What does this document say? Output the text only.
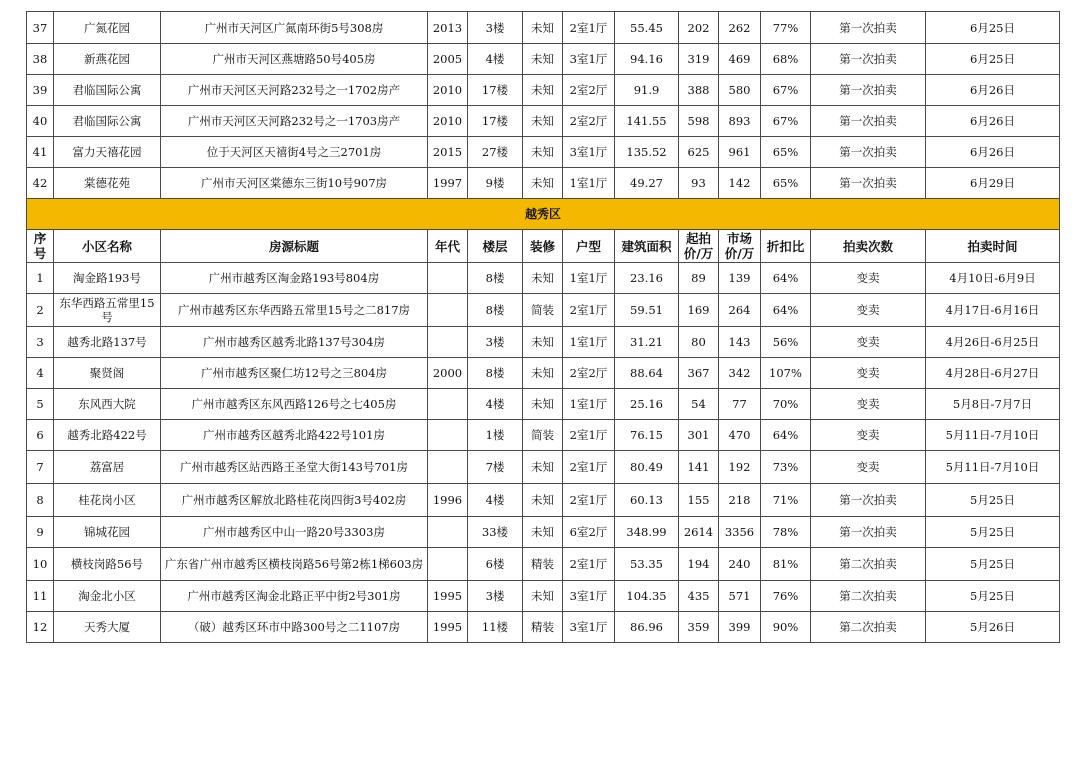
37	广氮花园	广州市天河区广氮南环街5号308房	2013	3楼	未知	2室1厅	55.45	202	262	77%	第一次拍卖	6月25日
38	新燕花园	广州市天河区燕塘路50号405房	2005	4楼	未知	3室1厅	94.16	319	469	68%	第一次拍卖	6月25日
39	君临国际公寓	广州市天河区天河路232号之一1702房产	2010	17楼	未知	2室2厅	91.9	388	580	67%	第一次拍卖	6月26日
40	君临国际公寓	广州市天河区天河路232号之一1703房产	2010	17楼	未知	2室2厅	141.55	598	893	67%	第一次拍卖	6月26日
41	富力天禧花园	位于天河区天禧街4号之三2701房	2015	27楼	未知	3室1厅	135.52	625	961	65%	第一次拍卖	6月26日
42	棠德花苑	广州市天河区棠德东三街10号907房	1997	9楼	未知	1室1厅	49.27	93	142	65%	第一次拍卖	6月29日
越秀区												
序号	小区名称	房源标题	年代	楼层	装修	户型	建筑面积	起拍价/万	市场价/万	折扣比	拍卖次数	拍卖时间
1	淘金路193号	广州市越秀区淘金路193号804房		8楼	未知	1室1厅	23.16	89	139	64%	变卖	4月10日-6月9日
2	东华西路五常里15号	广州市越秀区东华西路五常里15号之二817房		8楼	简装	2室1厅	59.51	169	264	64%	变卖	4月17日-6月16日
3	越秀北路137号	广州市越秀区越秀北路137号304房		3楼	未知	1室1厅	31.21	80	143	56%	变卖	4月26日-6月25日
4	聚贤阁	广州市越秀区聚仁坊12号之三804房	2000	8楼	未知	2室2厅	88.64	367	342	107%	变卖	4月28日-6月27日
5	东风西大院	广州市越秀区东风西路126号之七405房		4楼	未知	1室1厅	25.16	54	77	70%	变卖	5月8日-7月7日
6	越秀北路422号	广州市越秀区越秀北路422号101房		1楼	简装	2室1厅	76.15	301	470	64%	变卖	5月11日-7月10日
7	荔富居	广州市越秀区站西路王圣堂大街143号701房		7楼	未知	2室1厅	80.49	141	192	73%	变卖	5月11日-7月10日
8	桂花岗小区	广州市越秀区解放北路桂花岗四街3号402房	1996	4楼	未知	2室1厅	60.13	155	218	71%	第一次拍卖	5月25日
9	锦城花园	广州市越秀区中山一路20号3303房		33楼	未知	6室2厅	348.99	2614	3356	78%	第一次拍卖	5月25日
10	横枝岗路56号	广东省广州市越秀区横枝岗路56号第2栋1梯603房		6楼	精装	2室1厅	53.35	194	240	81%	第二次拍卖	5月25日
11	淘金北小区	广州市越秀区淘金北路正平中街2号301房	1995	3楼	未知	3室1厅	104.35	435	571	76%	第二次拍卖	5月25日
12	天秀大厦	（破）越秀区环市中路300号之二1107房	1995	11楼	精装	3室1厅	86.96	359	399	90%	第二次拍卖	5月26日
